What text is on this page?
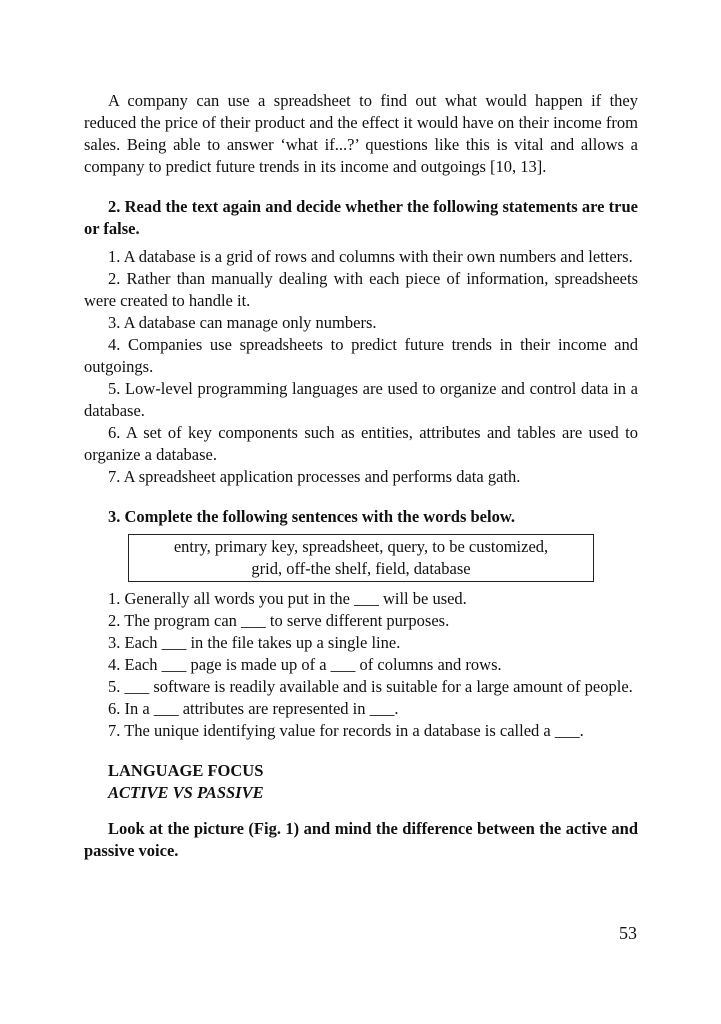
A company can use a spreadsheet to find out what would happen if they reduced the price of their product and the effect it would have on their income from sales. Being able to answer ‘what if...?’ questions like this is vital and allows a company to predict future trends in its income and outgoings [10, 13].

2. Read the text again and decide whether the following statements are true or false.

1. A database is a grid of rows and columns with their own numbers and letters.
2. Rather than manually dealing with each piece of information, spreadsheets were created to handle it.
3. A database can manage only numbers.
4. Companies use spreadsheets to predict future trends in their income and outgoings.
5. Low-level programming languages are used to organize and control data in a database.
6. A set of key components such as entities, attributes and tables are used to organize a database.
7. A spreadsheet application processes and performs data gath.

3. Complete the following sentences with the words below.

entry, primary key, spreadsheet, query, to be customized,
grid, off-the shelf, field, database
1. Generally all words you put in the ___ will be used.
2. The program can ___ to serve different purposes.
3. Each ___ in the file takes up a single line.
4. Each ___ page is made up of a ___ of columns and rows.
5. ___ software is readily available and is suitable for a large amount of people.
6. In a ___ attributes are represented in ___.
7. The unique identifying value for records in a database is called a ___.
LANGUAGE FOCUS
ACTIVE VS PASSIVE

Look at the picture (Fig. 1) and mind the difference between the active and passive voice.

53
